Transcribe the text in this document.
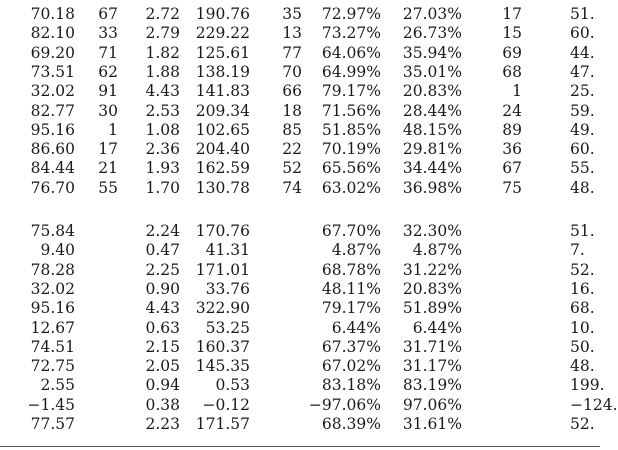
70.18 67 2.72 190.76 35 72.97% 27.03%	17	51.
82.10 33 2.79 229.22 13 73.27% 26.73%	15	60.
69.20 71 1.82 125.61 77 64.06% 35.94%	69	44.
73.51 62 1.88 138.19 70 64.99% 35.01%	68	47.
32.02 91 4.43 141.83 66 79.17% 20.83%	1	25.
82.77 30 2.53 209.34 18 71.56% 28.44%	24	59.
95.16 1 1.08 102.65 85 51.85% 48.15%	89	49.
86.60 17 2.36 204.40 22 70.19% 29.81%	36	60.
84.44 21 1.93 162.59 52 65.56% 34.44%	67	55.
76.70 55 1.70 130.78 74 63.02% 36.98%	75	48.
75.84	2.24 170.76	67.70% 32.30%	51.
9.40	0.47 41.31	4.87% 4.87%	7.
78.28	2.25 171.01	68.78% 31.22%	52.
32.02	0.90 33.76	48.11% 20.83%	16.
95.16	4.43 322.90	79.17% 51.89%	68.
12.67	0.63 53.25	6.44% 6.44%	10.
74.51	2.15 160.37	67.37% 31.71%	50.
72.75	2.05 145.35	67.02% 31.17%	48.
2.55	0.94 0.53	83.18% 83.19%	199.
−1.45	0.38 −0.12	−97.06% 97.06%	−124.
77.57	2.23 171.57	68.39% 31.61%	52.
